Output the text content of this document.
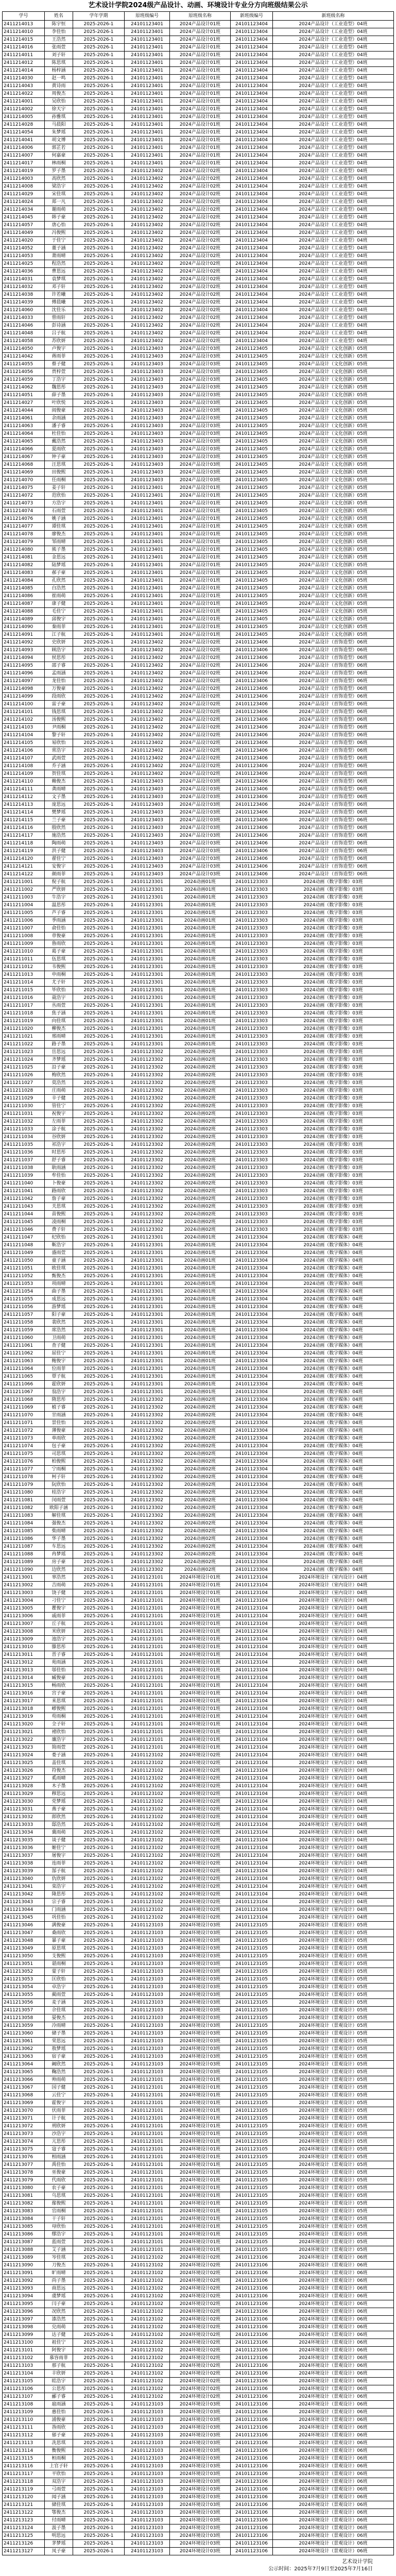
艺术设计学院2024级产品设计、动画、环境设计专业分方向班级结果公示
学号	姓名	学年学期	原班级编号	原班级名称	新班级编号	新班级名称
2411214013	陈宇恒	2025-2026-1	24101123401	2024产品设计01班	24101123404	2024产品设计（工业造型）04班
2411214010	李佳怡	2025-2026-1	24101123401	2024产品设计01班	24101123404	2024产品设计（工业造型）04班
2411214015	王浩然	2025-2026-1	24101123401	2024产品设计01班	24101123404	2024产品设计（工业造型）04班
2411214016	张雨萱	2025-2026-1	24101123401	2024产品设计01班	24101123404	2024产品设计（工业造型）04班
2411214011	刘子轩	2025-2026-1	24101123401	2024产品设计01班	24101123404	2024产品设计（工业造型）04班
2411214012	陈思琪	2025-2026-1	24101123401	2024产品设计01班	24101123404	2024产品设计（工业造型）04班
2411214014	杨梓涵	2025-2026-1	24101123401	2024产品设计01班	24101123404	2024产品设计（工业造型）04班
2411214030	赵一鸣	2025-2026-1	24101123401	2024产品设计01班	24101123404	2024产品设计（工业造型）04班
2411214043	黄诗雨	2025-2026-1	24101123401	2024产品设计01班	24101123404	2024产品设计（工业造型）04班
2411214022	周俊杰	2025-2026-1	24101123401	2024产品设计01班	24101123404	2024产品设计（工业造型）04班
2411214001	吴欣怡	2025-2026-1	24101123401	2024产品设计01班	24101123404	2024产品设计（工业造型）04班
2411214002	徐天宇	2025-2026-1	24101123401	2024产品设计01班	24101123404	2024产品设计（工业造型）04班
2411214005	孙雅琪	2025-2026-1	24101123401	2024产品设计01班	24101123404	2024产品设计（工业造型）04班
2411214028	马晨阳	2025-2026-1	24101123401	2024产品设计01班	24101123404	2024产品设计（工业造型）04班
2411214054	朱梦瑶	2025-2026-1	24101123401	2024产品设计01班	24101123404	2024产品设计（工业造型）04班
2411214041	胡文博	2025-2026-1	24101123401	2024产品设计01班	24101123404	2024产品设计（工业造型）04班
2411214006	郭芷若	2025-2026-1	24101123401	2024产品设计01班	24101123404	2024产品设计（工业造型）04班
2411214007	何嘉豪	2025-2026-1	24101123401	2024产品设计01班	24101123404	2024产品设计（工业造型）04班
2411214017	林雨桐	2025-2026-1	24101123401	2024产品设计01班	24101123404	2024产品设计（工业造型）04班
2411214019	罗子墨	2025-2026-1	24101123402	2024产品设计02班	24101123404	2024产品设计（工业造型）04班
2411214003	高欣然	2025-2026-1	24101123402	2024产品设计02班	24101123404	2024产品设计（工业造型）04班
2411214008	梁浩宇	2025-2026-1	24101123402	2024产品设计02班	24101123404	2024产品设计（工业造型）04班
2411214029	宋佳琪	2025-2026-1	24101123402	2024产品设计02班	24101123404	2024产品设计（工业造型）04班
2411214024	郑一凡	2025-2026-1	24101123402	2024产品设计02班	24101123404	2024产品设计（工业造型）04班
2411214034	谢雨萌	2025-2026-1	24101123402	2024产品设计02班	24101123404	2024产品设计（工业造型）04班
2411214045	韩子豪	2025-2026-1	24101123402	2024产品设计02班	24101123404	2024产品设计（工业造型）04班
2411214057	唐心怡	2025-2026-1	24101123402	2024产品设计02班	24101123404	2024产品设计（工业造型）04班
2411214049	冯俊熙	2025-2026-1	24101123402	2024产品设计02班	24101123404	2024产品设计（工业造型）04班
2411214020	于佳宁	2025-2026-1	24101123402	2024产品设计02班	24101123404	2024产品设计（工业造型）04班
2411214052	董子涵	2025-2026-1	24101123402	2024产品设计02班	24101123404	2024产品设计（工业造型）04班
2411214053	萧雨晴	2025-2026-1	24101123402	2024产品设计02班	24101123404	2024产品设计（工业造型）04班
2411214025	程浩然	2025-2026-1	24101123402	2024产品设计02班	24101123404	2024产品设计（工业造型）04班
2411214036	曹思远	2025-2026-1	24101123402	2024产品设计02班	24101123404	2024产品设计（工业造型）04班
2411214031	袁梦琪	2025-2026-1	24101123402	2024产品设计02班	24101123404	2024产品设计（工业造型）04班
2411214032	邓子轩	2025-2026-1	24101123402	2024产品设计02班	24101123404	2024产品设计（工业造型）04班
2411214038	许若曦	2025-2026-1	24101123402	2024产品设计02班	24101123404	2024产品设计（工业造型）04班
2411214039	傅晨曦	2025-2026-1	24101123402	2024产品设计02班	24101123404	2024产品设计（工业造型）04班
2411214060	沈佳乐	2025-2026-1	24101123402	2024产品设计02班	24101123404	2024产品设计（工业造型）04班
2411214033	曾雨轩	2025-2026-1	24101123402	2024产品设计02班	24101123404	2024产品设计（工业造型）04班
2411214046	彭诗涵	2025-2026-1	24101123402	2024产品设计02班	24101123404	2024产品设计（工业造型）04班
2411214048	吕子航	2025-2026-1	24101123402	2024产品设计02班	24101123404	2024产品设计（工业造型）04班
2411214058	苏欣妍	2025-2026-1	24101123402	2024产品设计02班	24101123404	2024产品设计（工业造型）04班
2411214050	卢俊宇	2025-2026-1	24101123403	2024产品设计03班	24101123405	2024产品设计（文化创新）05班
2411214042	蒋雨菲	2025-2026-1	24101123403	2024产品设计03班	24101123405	2024产品设计（文化创新）05班
2411214055	蔡子健	2025-2026-1	24101123403	2024产品设计03班	24101123405	2024产品设计（文化创新）05班
2411214056	贾梓萱	2025-2026-1	24101123403	2024产品设计03班	24101123405	2024产品设计（文化创新）05班
2411214059	丁浩宇	2025-2026-1	24101123403	2024产品设计03班	24101123405	2024产品设计（文化创新）05班
2411214062	魏思彤	2025-2026-1	24101123403	2024产品设计03班	24101123405	2024产品设计（文化创新）05班
2411214051	薛子墨	2025-2026-1	24101123403	2024产品设计03班	24101123405	2024产品设计（文化创新）05班
2411214027	叶欣悦	2025-2026-1	24101123403	2024产品设计03班	24101123405	2024产品设计（文化创新）05班
2411214044	阎俊豪	2025-2026-1	24101123403	2024产品设计03班	24101123405	2024产品设计（文化创新）05班
2411214061	余雨涵	2025-2026-1	24101123403	2024产品设计03班	24101123405	2024产品设计（文化创新）05班
2411214063	潘子睿	2025-2026-1	24101123403	2024产品设计03班	24101123405	2024产品设计（文化创新）05班
2411214064	杜佳怡	2025-2026-1	24101123403	2024产品设计03班	24101123405	2024产品设计（文化创新）05班
2411214065	戴浩然	2025-2026-1	24101123403	2024产品设计03班	24101123405	2024产品设计（文化创新）05班
2411214066	夏雨欣	2025-2026-1	24101123403	2024产品设计03班	24101123405	2024产品设计（文化创新）05班
2411214067	钟子豪	2025-2026-1	24101123403	2024产品设计03班	24101123405	2024产品设计（文化创新）05班
2411214068	汪思琪	2025-2026-1	24101123403	2024产品设计03班	24101123405	2024产品设计（文化创新）05班
2411214069	田俊熙	2025-2026-1	24101123403	2024产品设计03班	24101123405	2024产品设计（文化创新）05班
2411214070	任雨桐	2025-2026-1	24101123403	2024产品设计03班	24101123405	2024产品设计（文化创新）05班
2411214075	姜子轩	2025-2026-1	24101123401	2024产品设计01班	24101123405	2024产品设计（文化创新）05班
2411214072	范欣怡	2025-2026-1	24101123401	2024产品设计01班	24101123405	2024产品设计（文化创新）05班
2411214073	方浩宇	2025-2026-1	24101123401	2024产品设计01班	24101123405	2024产品设计（文化创新）05班
2411214074	石雨萱	2025-2026-1	24101123401	2024产品设计01班	24101123405	2024产品设计（文化创新）05班
2411214076	姚子涵	2025-2026-1	24101123401	2024产品设计01班	24101123405	2024产品设计（文化创新）05班
2411214077	谭佳琪	2025-2026-1	24101123401	2024产品设计01班	24101123405	2024产品设计（文化创新）05班
2411214078	廖俊杰	2025-2026-1	24101123401	2024产品设计01班	24101123405	2024产品设计（文化创新）05班
2411214079	邹雨晴	2025-2026-1	24101123401	2024产品设计01班	24101123405	2024产品设计（文化创新）05班
2411214080	熊子墨	2025-2026-1	24101123401	2024产品设计01班	24101123405	2024产品设计（文化创新）05班
2411214081	金思远	2025-2026-1	24101123401	2024产品设计01班	24101123405	2024产品设计（文化创新）05班
2411214082	陆梦瑶	2025-2026-1	24101123401	2024产品设计01班	24101123405	2024产品设计（文化创新）05班
2411214083	郝子豪	2025-2026-1	24101123401	2024产品设计01班	24101123405	2024产品设计（文化创新）05班
2411214084	孔欣然	2025-2026-1	24101123401	2024产品设计01班	24101123405	2024产品设计（文化创新）05班
2411214085	白浩然	2025-2026-1	24101123401	2024产品设计01班	24101123405	2024产品设计（文化创新）05班
2411214086	崔雨萌	2025-2026-1	24101123401	2024产品设计01班	24101123405	2024产品设计（文化创新）05班
2411214087	康子健	2025-2026-1	24101123401	2024产品设计01班	24101123405	2024产品设计（文化创新）05班
2411214088	毛佳宁	2025-2026-1	24101123401	2024产品设计01班	24101123405	2024产品设计（文化创新）05班
2411214089	邱俊宇	2025-2026-1	24101123401	2024产品设计01班	24101123405	2024产品设计（文化创新）05班
2411214090	秦雨菲	2025-2026-1	24101123401	2024产品设计01班	24101123405	2024产品设计（文化创新）05班
2411214091	江子航	2025-2026-1	24101123401	2024产品设计01班	24101123405	2024产品设计（文化创新）05班
2411214092	史欣妍	2025-2026-1	24101123402	2024产品设计02班	24101123406	2024产品设计（首饰造型）06班
2411214093	顾浩宇	2025-2026-1	24101123402	2024产品设计02班	24101123406	2024产品设计（首饰造型）06班
2411214094	侯思彤	2025-2026-1	24101123402	2024产品设计02班	24101123406	2024产品设计（首饰造型）06班
2411214095	邵子睿	2025-2026-1	24101123402	2024产品设计02班	24101123406	2024产品设计（首饰造型）06班
2411214096	孟雨涵	2025-2026-1	24101123402	2024产品设计02班	24101123406	2024产品设计（首饰造型）06班
2411214097	龙佳怡	2025-2026-1	24101123402	2024产品设计02班	24101123406	2024产品设计（首饰造型）06班
2411214098	万俊豪	2025-2026-1	24101123402	2024产品设计02班	24101123406	2024产品设计（首饰造型）06班
2411214099	段雨欣	2025-2026-1	24101123402	2024产品设计02班	24101123406	2024产品设计（首饰造型）06班
2411214100	雷子豪	2025-2026-1	24101123402	2024产品设计02班	24101123406	2024产品设计（首饰造型）06班
2411214101	钱思琪	2025-2026-1	24101123402	2024产品设计02班	24101123406	2024产品设计（首饰造型）06班
2411214102	汤俊熙	2025-2026-1	24101123402	2024产品设计02班	24101123406	2024产品设计（首饰造型）06班
2411214103	尹雨桐	2025-2026-1	24101123402	2024产品设计02班	24101123406	2024产品设计（首饰造型）06班
2411214104	黎子轩	2025-2026-1	24101123402	2024产品设计02班	24101123406	2024产品设计（首饰造型）06班
2411214105	易欣怡	2025-2026-1	24101123402	2024产品设计02班	24101123406	2024产品设计（首饰造型）06班
2411214106	常浩宇	2025-2026-1	24101123402	2024产品设计02班	24101123406	2024产品设计（首饰造型）06班
2411214107	武雨萱	2025-2026-1	24101123402	2024产品设计02班	24101123406	2024产品设计（首饰造型）06班
2411214108	乔子涵	2025-2026-1	24101123402	2024产品设计02班	24101123406	2024产品设计（首饰造型）06班
2411214109	贺佳琪	2025-2026-1	24101123402	2024产品设计02班	24101123406	2024产品设计（首饰造型）06班
2411214110	赖俊杰	2025-2026-1	24101123403	2024产品设计03班	24101123406	2024产品设计（首饰造型）06班
2411214111	龚雨晴	2025-2026-1	24101123403	2024产品设计03班	24101123406	2024产品设计（首饰造型）06班
2411214112	文子墨	2025-2026-1	24101123403	2024产品设计03班	24101123406	2024产品设计（首饰造型）06班
2411214113	庞思远	2025-2026-1	24101123403	2024产品设计03班	24101123406	2024产品设计（首饰造型）06班
2411214114	樊梦瑶	2025-2026-1	24101123403	2024产品设计03班	24101123406	2024产品设计（首饰造型）06班
2411214115	兰子豪	2025-2026-1	24101123403	2024产品设计03班	24101123406	2024产品设计（首饰造型）06班
2411214116	殷欣然	2025-2026-1	24101123403	2024产品设计03班	24101123406	2024产品设计（首饰造型）06班
2411214117	施浩然	2025-2026-1	24101123403	2024产品设计03班	24101123406	2024产品设计（首饰造型）06班
2411214118	陶雨萌	2025-2026-1	24101123403	2024产品设计03班	24101123406	2024产品设计（首饰造型）06班
2411214119	洪子健	2025-2026-1	24101123403	2024产品设计03班	24101123406	2024产品设计（首饰造型）06班
2411214120	翟佳宁	2025-2026-1	24101123403	2024产品设计03班	24101123406	2024产品设计（首饰造型）06班
2411214121	安俊宇	2025-2026-1	24101123403	2024产品设计03班	24101123406	2024产品设计（首饰造型）06班
2411214122	颜雨菲	2025-2026-1	24101123403	2024产品设计03班	24101123406	2024产品设计（首饰造型）06班
2411211001	倪子航	2025-2026-1	24101123301	2024动画01班	24101123303	2024动画（数字影像）03班
2411211002	严欣妍	2025-2026-1	24101123301	2024动画01班	24101123303	2024动画（数字影像）03班
2411211003	牛浩宇	2025-2026-1	24101123301	2024动画01班	24101123303	2024动画（数字影像）03班
2411211004	温思彤	2025-2026-1	24101123301	2024动画01班	24101123303	2024动画（数字影像）03班
2411211005	芦子睿	2025-2026-1	24101123301	2024动画01班	24101123303	2024动画（数字影像）03班
2411211006	季雨涵	2025-2026-1	24101123301	2024动画01班	24101123303	2024动画（数字影像）03班
2411211007	俞佳怡	2025-2026-1	24101123301	2024动画01班	24101123303	2024动画（数字影像）03班
2411211008	章俊豪	2025-2026-1	24101123301	2024动画01班	24101123303	2024动画（数字影像）03班
2411211009	鲁雨欣	2025-2026-1	24101123301	2024动画01班	24101123303	2024动画（数字影像）03班
2411211010	葛子豪	2025-2026-1	24101123301	2024动画01班	24101123303	2024动画（数字影像）03班
2411211011	伍思琪	2025-2026-1	24101123301	2024动画01班	24101123303	2024动画（数字影像）03班
2411211012	韦俊熙	2025-2026-1	24101123301	2024动画01班	24101123303	2024动画（数字影像）03班
2411211013	申雨桐	2025-2026-1	24101123301	2024动画01班	24101123303	2024动画（数字影像）03班
2411211014	尤子轩	2025-2026-1	24101123301	2024动画01班	24101123303	2024动画（数字影像）03班
2411211015	毕欣怡	2025-2026-1	24101123301	2024动画01班	24101123303	2024动画（数字影像）03班
2411211016	聂浩宇	2025-2026-1	24101123301	2024动画01班	24101123303	2024动画（数字影像）03班
2411211017	丛雨萱	2025-2026-1	24101123301	2024动画01班	24101123303	2024动画（数字影像）03班
2411211018	焦子涵	2025-2026-1	24101123301	2024动画01班	24101123303	2024动画（数字影像）03班
2411211019	向佳琪	2025-2026-1	24101123301	2024动画01班	24101123303	2024动画（数字影像）03班
2411211020	柳俊杰	2025-2026-1	24101123301	2024动画01班	24101123303	2024动画（数字影像）03班
2411211021	邢雨晴	2025-2026-1	24101123301	2024动画01班	24101123303	2024动画（数字影像）03班
2411211022	路子墨	2025-2026-1	24101123301	2024动画01班	24101123303	2024动画（数字影像）03班
2411211023	岳思远	2025-2026-1	24101123302	2024动画02班	24101123303	2024动画（数字影像）03班
2411211024	齐梦瑶	2025-2026-1	24101123302	2024动画02班	24101123303	2024动画（数字影像）03班
2411211025	沿子豪	2025-2026-1	24101123302	2024动画02班	24101123303	2024动画（数字影像）03班
2411211026	梅欣然	2025-2026-1	24101123302	2024动画02班	24101123303	2024动画（数字影像）03班
2411211027	莫浩然	2025-2026-1	24101123302	2024动画02班	24101123303	2024动画（数字影像）03班
2411211028	庄雨萌	2025-2026-1	24101123302	2024动画02班	24101123303	2024动画（数字影像）03班
2411211029	辛子健	2025-2026-1	24101123302	2024动画02班	24101123303	2024动画（数字影像）03班
2411211030	管佳宁	2025-2026-1	24101123302	2024动画02班	24101123303	2024动画（数字影像）03班
2411211031	祝俊宇	2025-2026-1	24101123302	2024动画02班	24101123303	2024动画（数字影像）03班
2411211032	左雨菲	2025-2026-1	24101123302	2024动画02班	24101123303	2024动画（数字影像）03班
2411211033	涂子航	2025-2026-1	24101123302	2024动画02班	24101123303	2024动画（数字影像）03班
2411211034	谷欣妍	2025-2026-1	24101123302	2024动画02班	24101123303	2024动画（数字影像）03班
2411211035	祁浩宇	2025-2026-1	24101123302	2024动画02班	24101123303	2024动画（数字影像）03班
2411211036	时思彤	2025-2026-1	24101123302	2024动画02班	24101123303	2024动画（数字影像）03班
2411211037	舒子睿	2025-2026-1	24101123302	2024动画02班	24101123303	2024动画（数字影像）03班
2411211038	耿雨涵	2025-2026-1	24101123302	2024动画02班	24101123303	2024动画（数字影像）03班
2411211039	牟佳怡	2025-2026-1	24101123302	2024动画02班	24101123303	2024动画（数字影像）03班
2411211040	卜俊豪	2025-2026-1	24101123302	2024动画02班	24101123303	2024动画（数字影像）03班
2411211041	路雨欣	2025-2026-1	24101123302	2024动画02班	24101123303	2024动画（数字影像）03班
2411211042	詹子豪	2025-2026-1	24101123302	2024动画02班	24101123303	2024动画（数字影像）03班
2411211043	关思琪	2025-2026-1	24101123302	2024动画02班	24101123303	2024动画（数字影像）03班
2411211044	苗俊熙	2025-2026-1	24101123302	2024动画02班	24101123303	2024动画（数字影像）03班
2411211045	凌雨桐	2025-2026-1	24101123302	2024动画02班	24101123303	2024动画（数字影像）03班
2411211046	费子轩	2025-2026-1	24101123302	2024动画02班	24101123303	2024动画（数字影像）03班
2411211047	纪欣怡	2025-2026-1	24101123301	2024动画01班	24101123304	2024动画（数字媒体）04班
2411211048	靳浩宇	2025-2026-1	24101123301	2024动画01班	24101123304	2024动画（数字媒体）04班
2411211049	盛雨萱	2025-2026-1	24101123301	2024动画01班	24101123304	2024动画（数字媒体）04班
2411211050	童子涵	2025-2026-1	24101123301	2024动画01班	24101123304	2024动画（数字媒体）04班
2411211051	欧佳琪	2025-2026-1	24101123301	2024动画01班	24101123304	2024动画（数字媒体）04班
2411211052	甄俊杰	2025-2026-1	24101123301	2024动画01班	24101123304	2024动画（数字媒体）04班
2411211053	项雨晴	2025-2026-1	24101123301	2024动画01班	24101123304	2024动画（数字媒体）04班
2411211054	曲子墨	2025-2026-1	24101123301	2024动画01班	24101123304	2024动画（数字媒体）04班
2411211055	成思远	2025-2026-1	24101123301	2024动画01班	24101123304	2024动画（数字媒体）04班
2411211056	游梦瑶	2025-2026-1	24101123301	2024动画01班	24101123304	2024动画（数字媒体）04班
2411211057	阳子豪	2025-2026-1	24101123301	2024动画01班	24101123304	2024动画（数字媒体）04班
2411211058	裴欣然	2025-2026-1	24101123301	2024动画01班	24101123304	2024动画（数字媒体）04班
2411211059	席浩然	2025-2026-1	24101123301	2024动画01班	24101123304	2024动画（数字媒体）04班
2411211060	卫雨萌	2025-2026-1	24101123301	2024动画01班	24101123304	2024动画（数字媒体）04班
2411211061	查子健	2025-2026-1	24101123301	2024动画01班	24101123304	2024动画（数字媒体）04班
2411211062	屈佳宁	2025-2026-1	24101123301	2024动画01班	24101123304	2024动画（数字媒体）04班
2411211063	鲍俊宇	2025-2026-1	24101123301	2024动画01班	24101123304	2024动画（数字媒体）04班
2411211064	位雨菲	2025-2026-1	24101123301	2024动画01班	24101123304	2024动画（数字媒体）04班
2411211065	覃子航	2025-2026-1	24101123301	2024动画01班	24101123304	2024动画（数字媒体）04班
2411211066	霍欣妍	2025-2026-1	24101123301	2024动画01班	24101123304	2024动画（数字媒体）04班
2411211067	翁浩宇	2025-2026-1	24101123301	2024动画01班	24101123304	2024动画（数字媒体）04班
2411211068	隋思彤	2025-2026-1	24101123302	2024动画02班	24101123304	2024动画（数字媒体）04班
2411211069	植子睿	2025-2026-1	24101123302	2024动画02班	24101123304	2024动画（数字媒体）04班
2411211070	甘雨涵	2025-2026-1	24101123302	2024动画02班	24101123304	2024动画（数字媒体）04班
2411211071	景佳怡	2025-2026-1	24101123302	2024动画02班	24101123304	2024动画（数字媒体）04班
2411211072	薄俊豪	2025-2026-1	24101123302	2024动画02班	24101123304	2024动画（数字媒体）04班
2411211073	单雨欣	2025-2026-1	24101123302	2024动画02班	24101123304	2024动画（数字媒体）04班
2411211074	包子豪	2025-2026-1	24101123302	2024动画02班	24101123304	2024动画（数字媒体）04班
2411211075	司思琪	2025-2026-1	24101123302	2024动画02班	24101123304	2024动画（数字媒体）04班
2411211076	柏俊熙	2025-2026-1	24101123302	2024动画02班	24101123304	2024动画（数字媒体）04班
2411211077	宁雨桐	2025-2026-1	24101123302	2024动画02班	24101123304	2024动画（数字媒体）04班
2411211078	柯子轩	2025-2026-1	24101123302	2024动画02班	24101123304	2024动画（数字媒体）04班
2411211079	阮欣怡	2025-2026-1	24101123302	2024动画02班	24101123304	2024动画（数字媒体）04班
2411211080	桂浩宇	2025-2026-1	24101123302	2024动画02班	24101123304	2024动画（数字媒体）04班
2411211081	闵雨萱	2025-2026-1	24101123302	2024动画02班	24101123304	2024动画（数字媒体）04班
2411211082	欧阳子涵	2025-2026-1	24101123302	2024动画02班	24101123304	2024动画（数字媒体）04班
2411211083	解佳琪	2025-2026-1	24101123302	2024动画02班	24101123304	2024动画（数字媒体）04班
2411211084	强俊杰	2025-2026-1	24101123302	2024动画02班	24101123304	2024动画（数字媒体）04班
2411211085	柴雨晴	2025-2026-1	24101123302	2024动画02班	24101123304	2024动画（数字媒体）04班
2411211086	华子墨	2025-2026-1	24101123302	2024动画02班	24101123304	2024动画（数字媒体）04班
2411211087	车思远	2025-2026-1	24101123302	2024动画02班	24101123304	2024动画（数字媒体）04班
2411211088	冉梦瑶	2025-2026-1	24101123302	2024动画02班	24101123304	2024动画（数字媒体）04班
2411211089	房子豪	2025-2026-1	24101123302	2024动画02班	24101123304	2024动画（数字媒体）04班
2411211090	边欣然	2025-2026-1	24101123302	2024动画02班	24101123304	2024动画（数字媒体）04班
2411213001	辜浩然	2025-2026-1	24101123101	2024环境设计01班	24101123104	2024环境设计（室内设计）04班
2411213002	吉雨萌	2025-2026-1	24101123101	2024环境设计01班	24101123104	2024环境设计（室内设计）04班
2411213003	饶子健	2025-2026-1	24101123101	2024环境设计01班	24101123104	2024环境设计（室内设计）04班
2411213004	刁佳宁	2025-2026-1	24101123101	2024环境设计01班	24101123104	2024环境设计（室内设计）04班
2411213005	瞿俊宇	2025-2026-1	24101123101	2024环境设计01班	24101123104	2024环境设计（室内设计）04班
2411213006	戚雨菲	2025-2026-1	24101123101	2024环境设计01班	24101123104	2024环境设计（室内设计）04班
2411213007	丘子航	2025-2026-1	24101123101	2024环境设计01班	24101123104	2024环境设计（室内设计）04班
2411213008	米欣妍	2025-2026-1	24101123101	2024环境设计01班	24101123104	2024环境设计（室内设计）04班
2411213009	池浩宇	2025-2026-1	24101123101	2024环境设计01班	24101123104	2024环境设计（室内设计）04班
2411213010	滕思彤	2025-2026-1	24101123101	2024环境设计01班	24101123104	2024环境设计（室内设计）04班
2411213011	晋子睿	2025-2026-1	24101123101	2024环境设计01班	24101123104	2024环境设计（室内设计）04班
2411213012	苑雨涵	2025-2026-1	24101123101	2024环境设计01班	24101123104	2024环境设计（室内设计）04班
2411213013	邬佳怡	2025-2026-1	24101123101	2024环境设计01班	24101123104	2024环境设计（室内设计）04班
2411213014	臧俊豪	2025-2026-1	24101123101	2024环境设计01班	24101123104	2024环境设计（室内设计）04班
2411213015	畅雨欣	2025-2026-1	24101123101	2024环境设计01班	24101123104	2024环境设计（室内设计）04班
2411213016	宫子豪	2025-2026-1	24101123101	2024环境设计01班	24101123104	2024环境设计（室内设计）04班
2411213017	来思琪	2025-2026-1	24101123101	2024环境设计01班	24101123104	2024环境设计（室内设计）04班
2411213018	嵺俊熙	2025-2026-1	24101123101	2024环境设计01班	24101123104	2024环境设计（室内设计）04班
2411213019	苟雨桐	2025-2026-1	24101123101	2024环境设计01班	24101123104	2024环境设计（室内设计）04班
2411213020	全子轩	2025-2026-1	24101123101	2024环境设计01班	24101123104	2024环境设计（室内设计）04班
2411213021	褚欣怡	2025-2026-1	24101123101	2024环境设计01班	24101123104	2024环境设计（室内设计）04班
2411213022	廉浩宇	2025-2026-1	24101123101	2024环境设计01班	24101123104	2024环境设计（室内设计）04班
2411213023	简雨萱	2025-2026-1	24101123101	2024环境设计01班	24101123104	2024环境设计（室内设计）04班
2411213024	娄子涵	2025-2026-1	24101123102	2024环境设计02班	24101123104	2024环境设计（室内设计）04班
2411213025	盖佳琪	2025-2026-1	24101123102	2024环境设计02班	24101123104	2024环境设计（室内设计）04班
2411213026	符俊杰	2025-2026-1	24101123102	2024环境设计02班	24101123104	2024环境设计（室内设计）04班
2411213027	奚雨晴	2025-2026-1	24101123102	2024环境设计02班	24101123104	2024环境设计（室内设计）04班
2411213028	木子墨	2025-2026-1	24101123102	2024环境设计02班	24101123104	2024环境设计（室内设计）04班
2411213029	穆思远	2025-2026-1	24101123102	2024环境设计02班	24101123104	2024环境设计（室内设计）04班
2411213030	党梦瑶	2025-2026-1	24101123102	2024环境设计02班	24101123104	2024环境设计（室内设计）04班
2411213031	燕子豪	2025-2026-1	24101123102	2024环境设计02班	24101123104	2024环境设计（室内设计）04班
2411213032	郎欣然	2025-2026-1	24101123102	2024环境设计02班	24101123104	2024环境设计（室内设计）04班
2411213033	邸浩然	2025-2026-1	24101123102	2024环境设计02班	24101123104	2024环境设计（室内设计）04班
2411213034	冀雨萌	2025-2026-1	24101123102	2024环境设计02班	24101123104	2024环境设计（室内设计）04班
2411213035	谈子健	2025-2026-1	24101123102	2024环境设计02班	24101123104	2024环境设计（室内设计）04班
2411213036	姬佳宁	2025-2026-1	24101123102	2024环境设计02班	24101123104	2024环境设计（室内设计）04班
2411213037	屠俊宇	2025-2026-1	24101123102	2024环境设计02班	24101123104	2024环境设计（室内设计）04班
2411213038	连雨菲	2025-2026-1	24101123102	2024环境设计02班	24101123104	2024环境设计（室内设计）04班
2411213039	郜子航	2025-2026-1	24101123102	2024环境设计02班	24101123104	2024环境设计（室内设计）04班
2411213040	仇欣妍	2025-2026-1	24101123102	2024环境设计02班	24101123104	2024环境设计（室内设计）04班
2411213041	栾浩宇	2025-2026-1	24101123102	2024环境设计02班	24101123104	2024环境设计（室内设计）04班
2411213042	隆思彤	2025-2026-1	24101123102	2024环境设计02班	24101123104	2024环境设计（室内设计）04班
2411213043	宗子睿	2025-2026-1	24101123102	2024环境设计02班	24101123104	2024环境设计（室内设计）04班
2411213044	门雨涵	2025-2026-1	24101123102	2024环境设计02班	24101123104	2024环境设计（室内设计）04班
2411213045	巩佳怡	2025-2026-1	24101123102	2024环境设计02班	24101123104	2024环境设计（室内设计）04班
2411213046	满俊豪	2025-2026-1	24101123103	2024环境设计03班	24101123105	2024环境设计（景观设计）05班
2411213047	桑雨欣	2025-2026-1	24101123103	2024环境设计03班	24101123105	2024环境设计（景观设计）05班
2411213048	暴子豪	2025-2026-1	24101123103	2024环境设计03班	24101123105	2024环境设计（景观设计）05班
2411213049	原思琪	2025-2026-1	24101123103	2024环境设计03班	24101123105	2024环境设计（景观设计）05班
2411213050	支俊熙	2025-2026-1	24101123103	2024环境设计03班	24101123105	2024环境设计（景观设计）05班
2411213051	谌雨桐	2025-2026-1	24101123103	2024环境设计03班	24101123105	2024环境设计（景观设计）05班
2411213052	蒙子轩	2025-2026-1	24101123103	2024环境设计03班	24101123105	2024环境设计（景观设计）05班
2411213053	匡欣怡	2025-2026-1	24101123103	2024环境设计03班	24101123105	2024环境设计（景观设计）05班
2411213054	卓浩宇	2025-2026-1	24101123103	2024环境设计03班	24101123105	2024环境设计（景观设计）05班
2411213055	蔺雨萱	2025-2026-1	24101123103	2024环境设计03班	24101123105	2024环境设计（景观设计）05班
2411213056	麦子涵	2025-2026-1	24101123103	2024环境设计03班	24101123105	2024环境设计（景观设计）05班
2411213057	佘佳琪	2025-2026-1	24101123103	2024环境设计03班	24101123105	2024环境设计（景观设计）05班
2411213058	晏俊杰	2025-2026-1	24101123103	2024环境设计03班	24101123105	2024环境设计（景观设计）05班
2411213059	冷雨晴	2025-2026-1	24101123103	2024环境设计03班	24101123105	2024环境设计（景观设计）05班
2411213060	储子墨	2025-2026-1	24101123103	2024环境设计03班	24101123105	2024环境设计（景观设计）05班
2411213061	荣思远	2025-2026-1	24101123103	2024环境设计03班	24101123105	2024环境设计（景观设计）05班
2411213062	敖梦瑶	2025-2026-1	24101123103	2024环境设计03班	24101123105	2024环境设计（景观设计）05班
2411213063	宿子豪	2025-2026-1	24101123103	2024环境设计03班	24101123105	2024环境设计（景观设计）05班
2411213064	阚欣然	2025-2026-1	24101123103	2024环境设计03班	24101123105	2024环境设计（景观设计）05班
2411213065	鞠浩然	2025-2026-1	24101123103	2024环境设计03班	24101123105	2024环境设计（景观设计）05班
2411213066	帅雨萌	2025-2026-1	24101123101	2024环境设计01班	24101123105	2024环境设计（景观设计）05班
2411213067	国子健	2025-2026-1	24101123101	2024环境设计01班	24101123105	2024环境设计（景观设计）05班
2411213068	云佳宁	2025-2026-1	24101123101	2024环境设计01班	24101123105	2024环境设计（景观设计）05班
2411213069	霍俊宇	2025-2026-1	24101123101	2024环境设计01班	24101123105	2024环境设计（景观设计）05班
2411213070	伏雨菲	2025-2026-1	24101123101	2024环境设计01班	24101123105	2024环境设计（景观设计）05班
2411213071	计子航	2025-2026-1	24101123101	2024环境设计01班	24101123105	2024环境设计（景观设计）05班
2411213072	刑欣妍	2025-2026-1	24101123101	2024环境设计01班	24101123105	2024环境设计（景观设计）05班
2411213073	沙浩宇	2025-2026-1	24101123101	2024环境设计01班	24101123105	2024环境设计（景观设计）05班
2411213074	亢思彤	2025-2026-1	24101123101	2024环境设计01班	24101123105	2024环境设计（景观设计）05班
2411213075	寇子睿	2025-2026-1	24101123101	2024环境设计01班	24101123105	2024环境设计（景观设计）05班
2411213076	相雨涵	2025-2026-1	24101123101	2024环境设计01班	24101123105	2024环境设计（景观设计）05班
2411213077	禹佳怡	2025-2026-1	24101123101	2024环境设计01班	24101123105	2024环境设计（景观设计）05班
2411213078	巫俊豪	2025-2026-1	24101123101	2024环境设计01班	24101123105	2024环境设计（景观设计）05班
2411213079	代雨欣	2025-2026-1	24101123101	2024环境设计01班	24101123105	2024环境设计（景观设计）05班
2411213080	农子豪	2025-2026-1	24101123101	2024环境设计01班	24101123105	2024环境设计（景观设计）05班
2411213081	乌思琪	2025-2026-1	24101123101	2024环境设计01班	24101123105	2024环境设计（景观设计）05班
2411213082	鄢俊熙	2025-2026-1	24101123101	2024环境设计01班	24101123105	2024环境设计（景观设计）05班
2411213083	官雨桐	2025-2026-1	24101123101	2024环境设计01班	24101123105	2024环境设计（景观设计）05班
2411213084	干子轩	2025-2026-1	24101123101	2024环境设计01班	24101123105	2024环境设计（景观设计）05班
2411213085	母欣怡	2025-2026-1	24101123101	2024环境设计01班	24101123105	2024环境设计（景观设计）05班
2411213086	缪浩宇	2025-2026-1	24101123101	2024环境设计01班	24101123105	2024环境设计（景观设计）05班
2411213087	蓝雨萱	2025-2026-1	24101123101	2024环境设计01班	24101123105	2024环境设计（景观设计）05班
2411213088	艾子涵	2025-2026-1	24101123101	2024环境设计01班	24101123105	2024环境设计（景观设计）05班
2411213089	岑佳琪	2025-2026-1	24101123102	2024环境设计02班	24101123106	2024环境设计（景观设计）06班
2411213090	刀俊杰	2025-2026-1	24101123102	2024环境设计02班	24101123106	2024环境设计（景观设计）06班
2411213091	旷雨晴	2025-2026-1	24101123102	2024环境设计02班	24101123106	2024环境设计（景观设计）06班
2411213092	尚子墨	2025-2026-1	24101123102	2024环境设计02班	24101123106	2024环境设计（景观设计）06班
2411213093	商思远	2025-2026-1	24101123102	2024环境设计02班	24101123106	2024环境设计（景观设计）06班
2411213094	虞梦瑶	2025-2026-1	24101123102	2024环境设计02班	24101123106	2024环境设计（景观设计）06班
2411213095	闫子豪	2025-2026-1	24101123102	2024环境设计02班	24101123106	2024环境设计（景观设计）06班
2411213096	况欣然	2025-2026-1	24101123102	2024环境设计02班	24101123106	2024环境设计（景观设计）06班
2411213097	漆浩然	2025-2026-1	24101123102	2024环境设计02班	24101123106	2024环境设计（景观设计）06班
2411213098	兑雨萌	2025-2026-1	24101123102	2024环境设计02班	24101123106	2024环境设计（景观设计）06班
2411213099	达子健	2025-2026-1	24101123102	2024环境设计02班	24101123106	2024环境设计（景观设计）06班
2411213100	祖佳宁	2025-2026-1	24101123102	2024环境设计02班	24101123106	2024环境设计（景观设计）06班
2411213101	阿俊宇	2025-2026-1	24101123102	2024环境设计02班	24101123106	2024环境设计（景观设计）06班
2411213102	慕容雨菲	2025-2026-1	24101123102	2024环境设计02班	24101123106	2024环境设计（景观设计）06班
2411213103	那子航	2025-2026-1	24101123102	2024环境设计02班	24101123106	2024环境设计（景观设计）06班
2411213104	丰欣妍	2025-2026-1	24101123102	2024环境设计02班	24101123106	2024环境设计（景观设计）06班
2411213105	眭浩宇	2025-2026-1	24101123102	2024环境设计02班	24101123106	2024环境设计（景观设计）06班
2411213106	公思彤	2025-2026-1	24101123102	2024环境设计02班	24101123106	2024环境设计（景观设计）06班
2411213107	郦子睿	2025-2026-1	24101123102	2024环境设计02班	24101123106	2024环境设计（景观设计）06班
2411213108	扈雨涵	2025-2026-1	24101123103	2024环境设计03班	24101123106	2024环境设计（景观设计）06班
2411213109	惠佳怡	2025-2026-1	24101123103	2024环境设计03班	24101123106	2024环境设计（景观设计）06班
2411213110	浦俊豪	2025-2026-1	24101123103	2024环境设计03班	24101123106	2024环境设计（景观设计）06班
2411213111	昝雨欣	2025-2026-1	24101123103	2024环境设计03班	24101123106	2024环境设计（景观设计）06班
2411213112	郁子豪	2025-2026-1	24101123103	2024环境设计03班	24101123106	2024环境设计（景观设计）06班
2411213113	冼思琪	2025-2026-1	24101123103	2024环境设计03班	24101123106	2024环境设计（景观设计）06班
2411213114	衡俊熙	2025-2026-1	24101123103	2024环境设计03班	24101123106	2024环境设计（景观设计）06班
2411213115	桓雨桐	2025-2026-1	24101123103	2024环境设计03班	24101123106	2024环境设计（景观设计）06班
2411213116	上官子轩	2025-2026-1	24101123103	2024环境设计03班	24101123106	2024环境设计（景观设计）06班
2411213117	平欣怡	2025-2026-1	24101123103	2024环境设计03班	24101123106	2024环境设计（景观设计）06班
2411213118	双浩宇	2025-2026-1	24101123103	2024环境设计03班	24101123106	2024环境设计（景观设计）06班
2411213119	弓雨萱	2025-2026-1	24101123103	2024环境设计03班	24101123106	2024环境设计（景观设计）06班
2411213120	闻子涵	2025-2026-1	24101123103	2024环境设计03班	24101123106	2024环境设计（景观设计）06班
2411213121	储佳琪	2025-2026-1	24101123103	2024环境设计03班	24101123106	2024环境设计（景观设计）06班
2411213122	鄂俊杰	2025-2026-1	24101123103	2024环境设计03班	24101123106	2024环境设计（景观设计）06班
2411213123	付雨晴	2025-2026-1	24101123103	2024环境设计03班	24101123106	2024环境设计（景观设计）06班
2411213124	汲子墨	2025-2026-1	24101123103	2024环境设计03班	24101123106	2024环境设计（景观设计）06班
2411213125	明思远	2025-2026-1	24101123103	2024环境设计03班	24101123106	2024环境设计（景观设计）06班
2411213126	茅梦瑶	2025-2026-1	24101123103	2024环境设计03班	24101123106	2024环境设计（景观设计）06班
2411213127	凤子豪	2025-2026-1	24101123103	2024环境设计03班	24101123106	2024环境设计（景观设计）06班
艺术设计学院
公示时间：2025年7月9日至2025年7月16日
